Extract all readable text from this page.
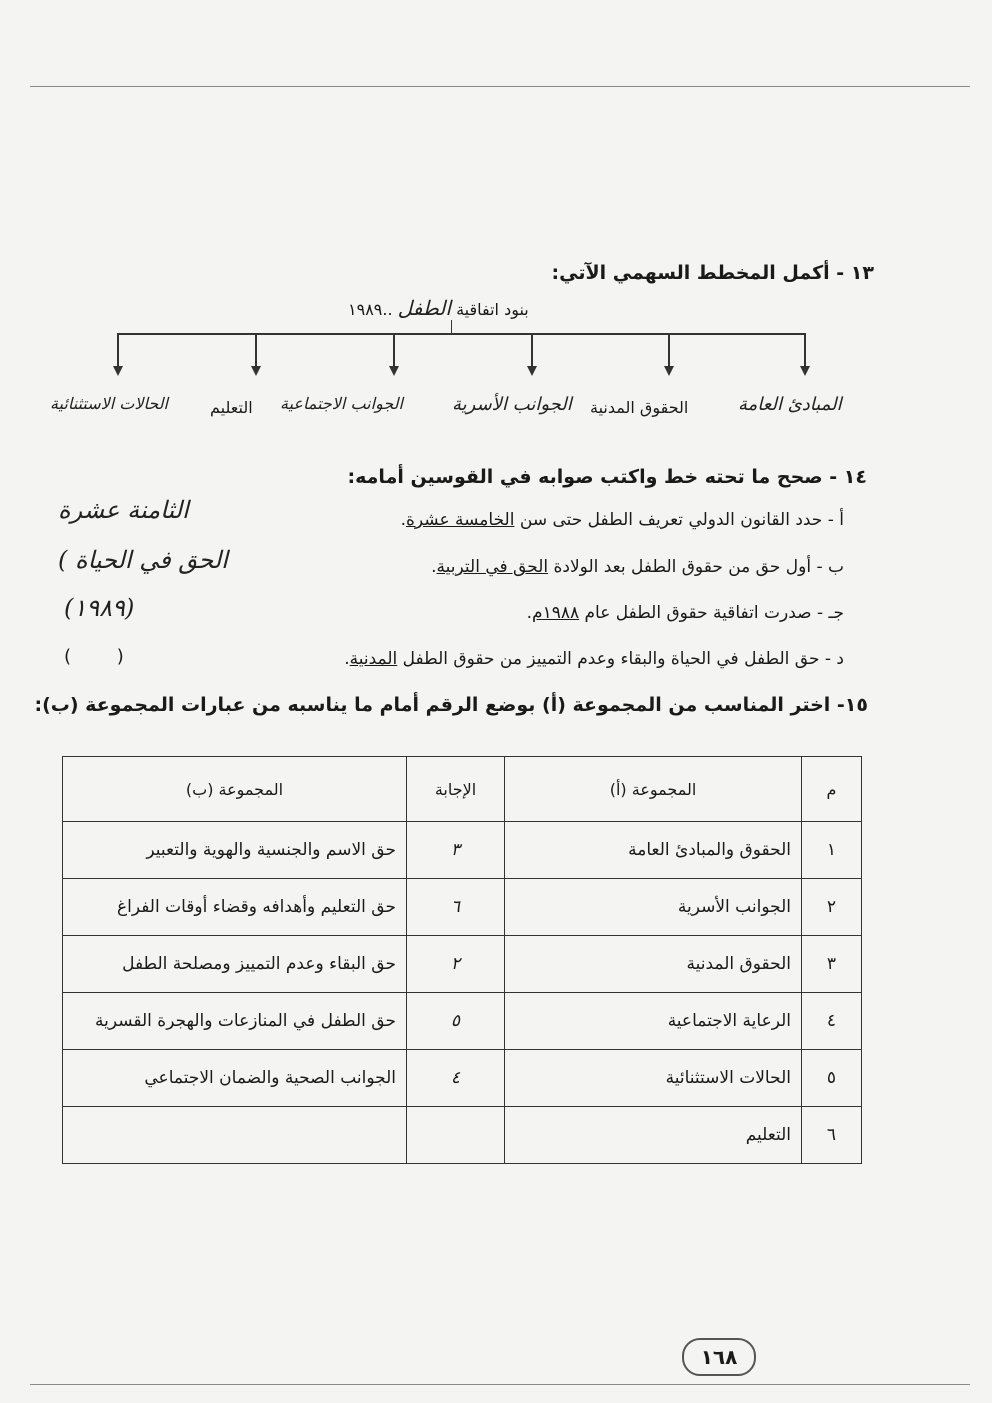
١٣ - أكمل المخطط السهمي الآتي:
بنود اتفاقية الطفل ..١٩٨٩
المبادئ العامة
الحقوق المدنية
الجوانب الأسرية
الجوانب الاجتماعية
التعليم
الحالات الاستثنائية
١٤ - صحح ما تحته خط واكتب صوابه في القوسين أمامه:
أ - حدد القانون الدولي تعريف الطفل حتى سن الخامسة عشرة.
الثامنة عشرة
ب - أول حق من حقوق الطفل بعد الولادة الحق في التربية.
الحق في الحياة )
جـ - صدرت اتفاقية حقوق الطفل عام ١٩٨٨م.
(١٩٨٩)
د - حق الطفل في الحياة والبقاء وعدم التمييز من حقوق الطفل المدنية.
(        )
١٥- اختر المناسب من المجموعة (أ) بوضع الرقم أمام ما يناسبه من عبارات المجموعة (ب):
م	المجموعة (أ)	الإجابة	المجموعة (ب)
١	الحقوق والمبادئ العامة	٣	حق الاسم والجنسية والهوية والتعبير
٢	الجوانب الأسرية	٦	حق التعليم وأهدافه وقضاء أوقات الفراغ
٣	الحقوق المدنية	٢	حق البقاء وعدم التمييز ومصلحة الطفل
٤	الرعاية الاجتماعية	٥	حق الطفل في المنازعات والهجرة القسرية
٥	الحالات الاستثنائية	٤	الجوانب الصحية والضمان الاجتماعي
٦	التعليم		
١٦٨
